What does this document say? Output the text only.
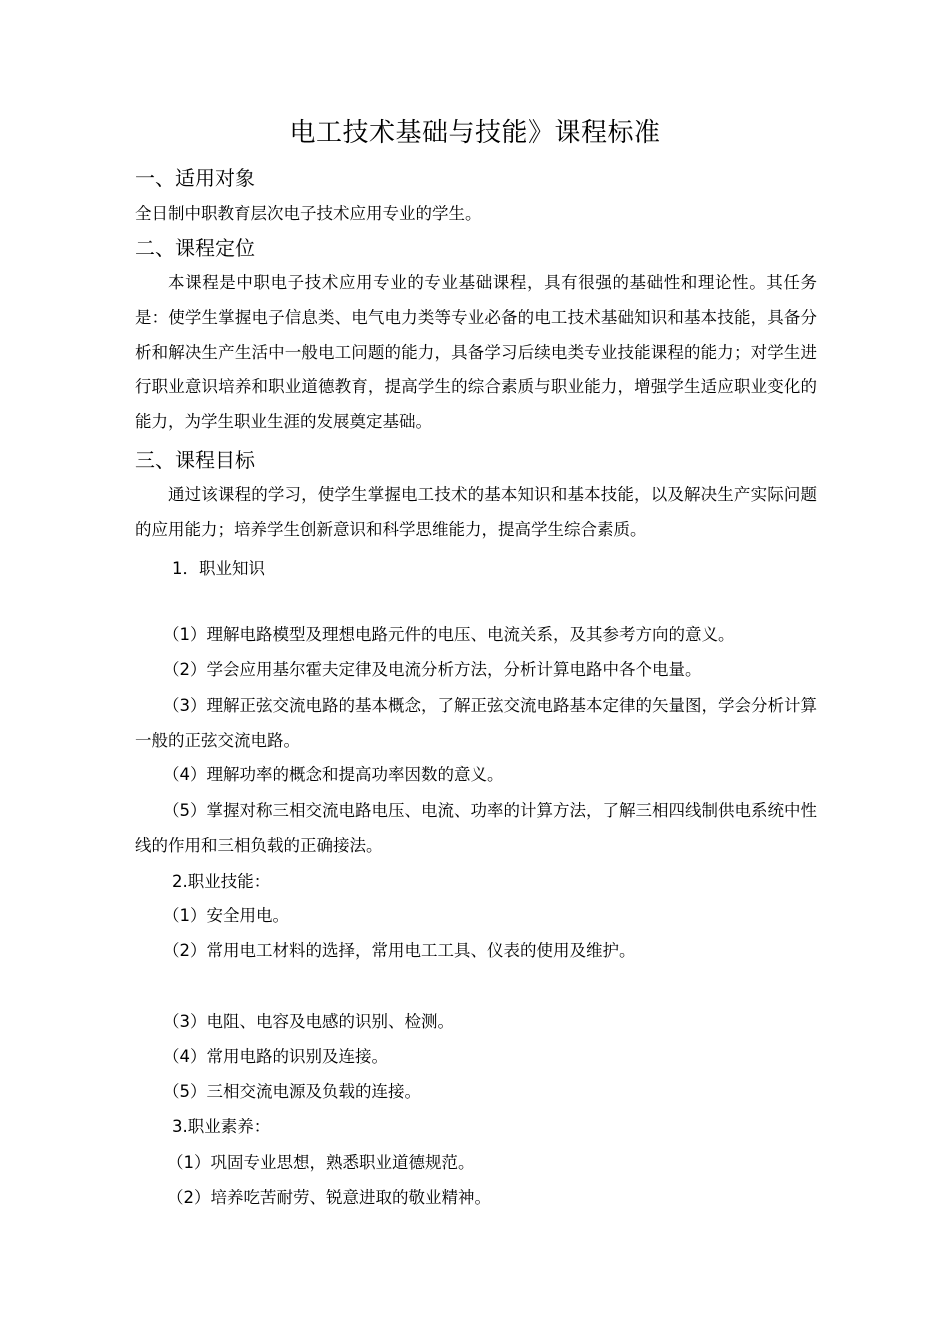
电工技术基础与技能》课程标准
一、适用对象
全日制中职教育层次电子技术应用专业的学生。
二、课程定位
本课程是中职电子技术应用专业的专业基础课程，具有很强的基础性和理论性。其任务是：使学生掌握电子信息类、电气电力类等专业必备的电工技术基础知识和基本技能，具备分析和解决生产生活中一般电工问题的能力，具备学习后续电类专业技能课程的能力；对学生进行职业意识培养和职业道德教育，提高学生的综合素质与职业能力，增强学生适应职业变化的能力，为学生职业生涯的发展奠定基础。
三、课程目标
通过该课程的学习，使学生掌握电工技术的基本知识和基本技能，以及解决生产实际问题的应用能力；培养学生创新意识和科学思维能力，提高学生综合素质。
1．职业知识
（1）理解电路模型及理想电路元件的电压、电流关系，及其参考方向的意义。
（2）学会应用基尔霍夫定律及电流分析方法，分析计算电路中各个电量。
（3）理解正弦交流电路的基本概念，了解正弦交流电路基本定律的矢量图，学会分析计算一般的正弦交流电路。
（4）理解功率的概念和提高功率因数的意义。
（5）掌握对称三相交流电路电压、电流、功率的计算方法，了解三相四线制供电系统中性线的作用和三相负载的正确接法。
2.职业技能：
（1）安全用电。
（2）常用电工材料的选择，常用电工工具、仪表的使用及维护。
（3）电阻、电容及电感的识别、检测。
（4）常用电路的识别及连接。
（5）三相交流电源及负载的连接。
3.职业素养：
（1）巩固专业思想，熟悉职业道德规范。
（2）培养吃苦耐劳、锐意进取的敬业精神。
